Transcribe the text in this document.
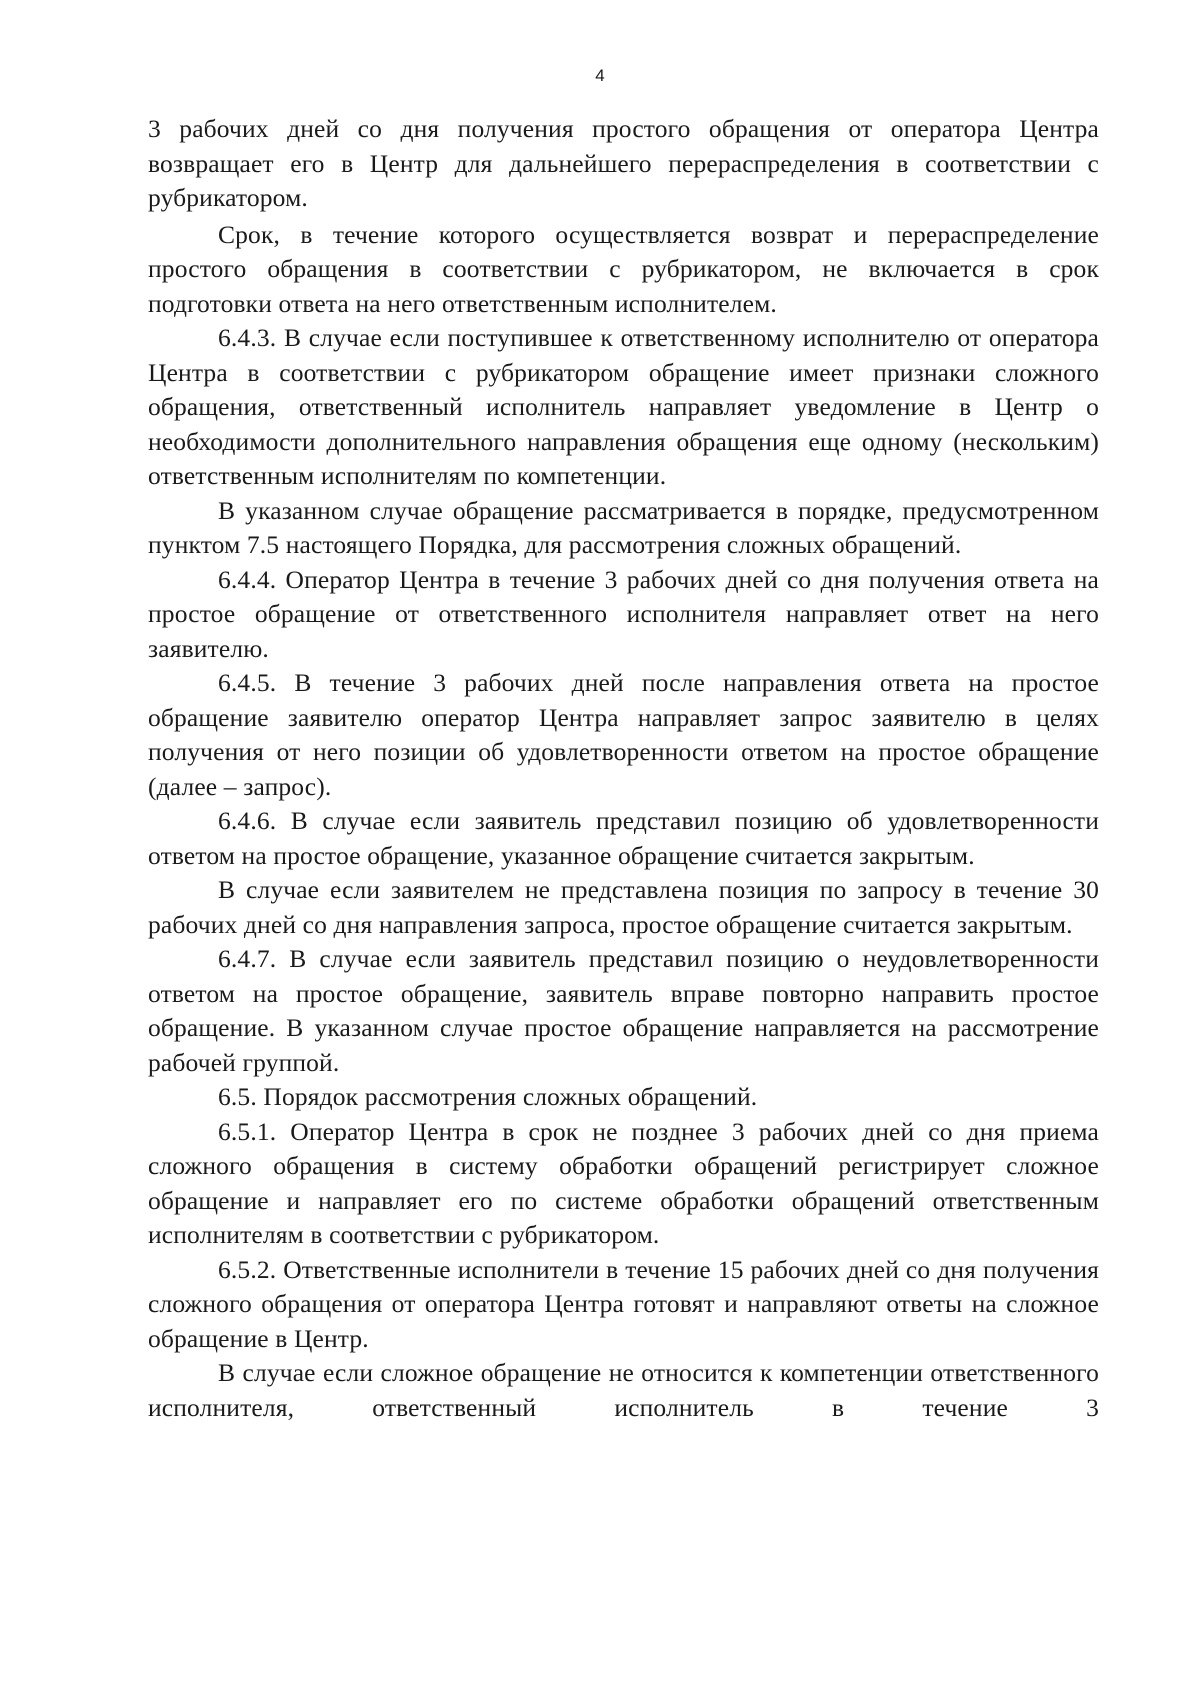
4

3 рабочих дней со дня получения простого обращения от оператора Центра возвращает его в Центр для дальнейшего перераспределения в соответствии с рубрикатором.

Срок, в течение которого осуществляется возврат и перераспределение простого обращения в соответствии с рубрикатором, не включается в срок подготовки ответа на него ответственным исполнителем.

6.4.3. В случае если поступившее к ответственному исполнителю от оператора Центра в соответствии с рубрикатором обращение имеет признаки сложного обращения, ответственный исполнитель направляет уведомление в Центр о необходимости дополнительного направления обращения еще одному (нескольким) ответственным исполнителям по компетенции.

В указанном случае обращение рассматривается в порядке, предусмотренном пунктом 7.5 настоящего Порядка, для рассмотрения сложных обращений.

6.4.4. Оператор Центра в течение 3 рабочих дней со дня получения ответа на простое обращение от ответственного исполнителя направляет ответ на него заявителю.

6.4.5. В течение 3 рабочих дней после направления ответа на простое обращение заявителю оператор Центра направляет запрос заявителю в целях получения от него позиции об удовлетворенности ответом на простое обращение (далее – запрос).

6.4.6. В случае если заявитель представил позицию об удовлетворенности ответом на простое обращение, указанное обращение считается закрытым.

В случае если заявителем не представлена позиция по запросу в течение 30 рабочих дней со дня направления запроса, простое обращение считается закрытым.

6.4.7. В случае если заявитель представил позицию о неудовлетворенности ответом на простое обращение, заявитель вправе повторно направить простое обращение. В указанном случае простое обращение направляется на рассмотрение рабочей группой.

6.5. Порядок рассмотрения сложных обращений.

6.5.1. Оператор Центра в срок не позднее 3 рабочих дней со дня приема сложного обращения в систему обработки обращений регистрирует сложное обращение и направляет его по системе обработки обращений ответственным исполнителям в соответствии с рубрикатором.

6.5.2. Ответственные исполнители в течение 15 рабочих дней со дня получения сложного обращения от оператора Центра готовят и направляют ответы на сложное обращение в Центр.

В случае если сложное обращение не относится к компетенции ответственного исполнителя, ответственный исполнитель в течение 3
